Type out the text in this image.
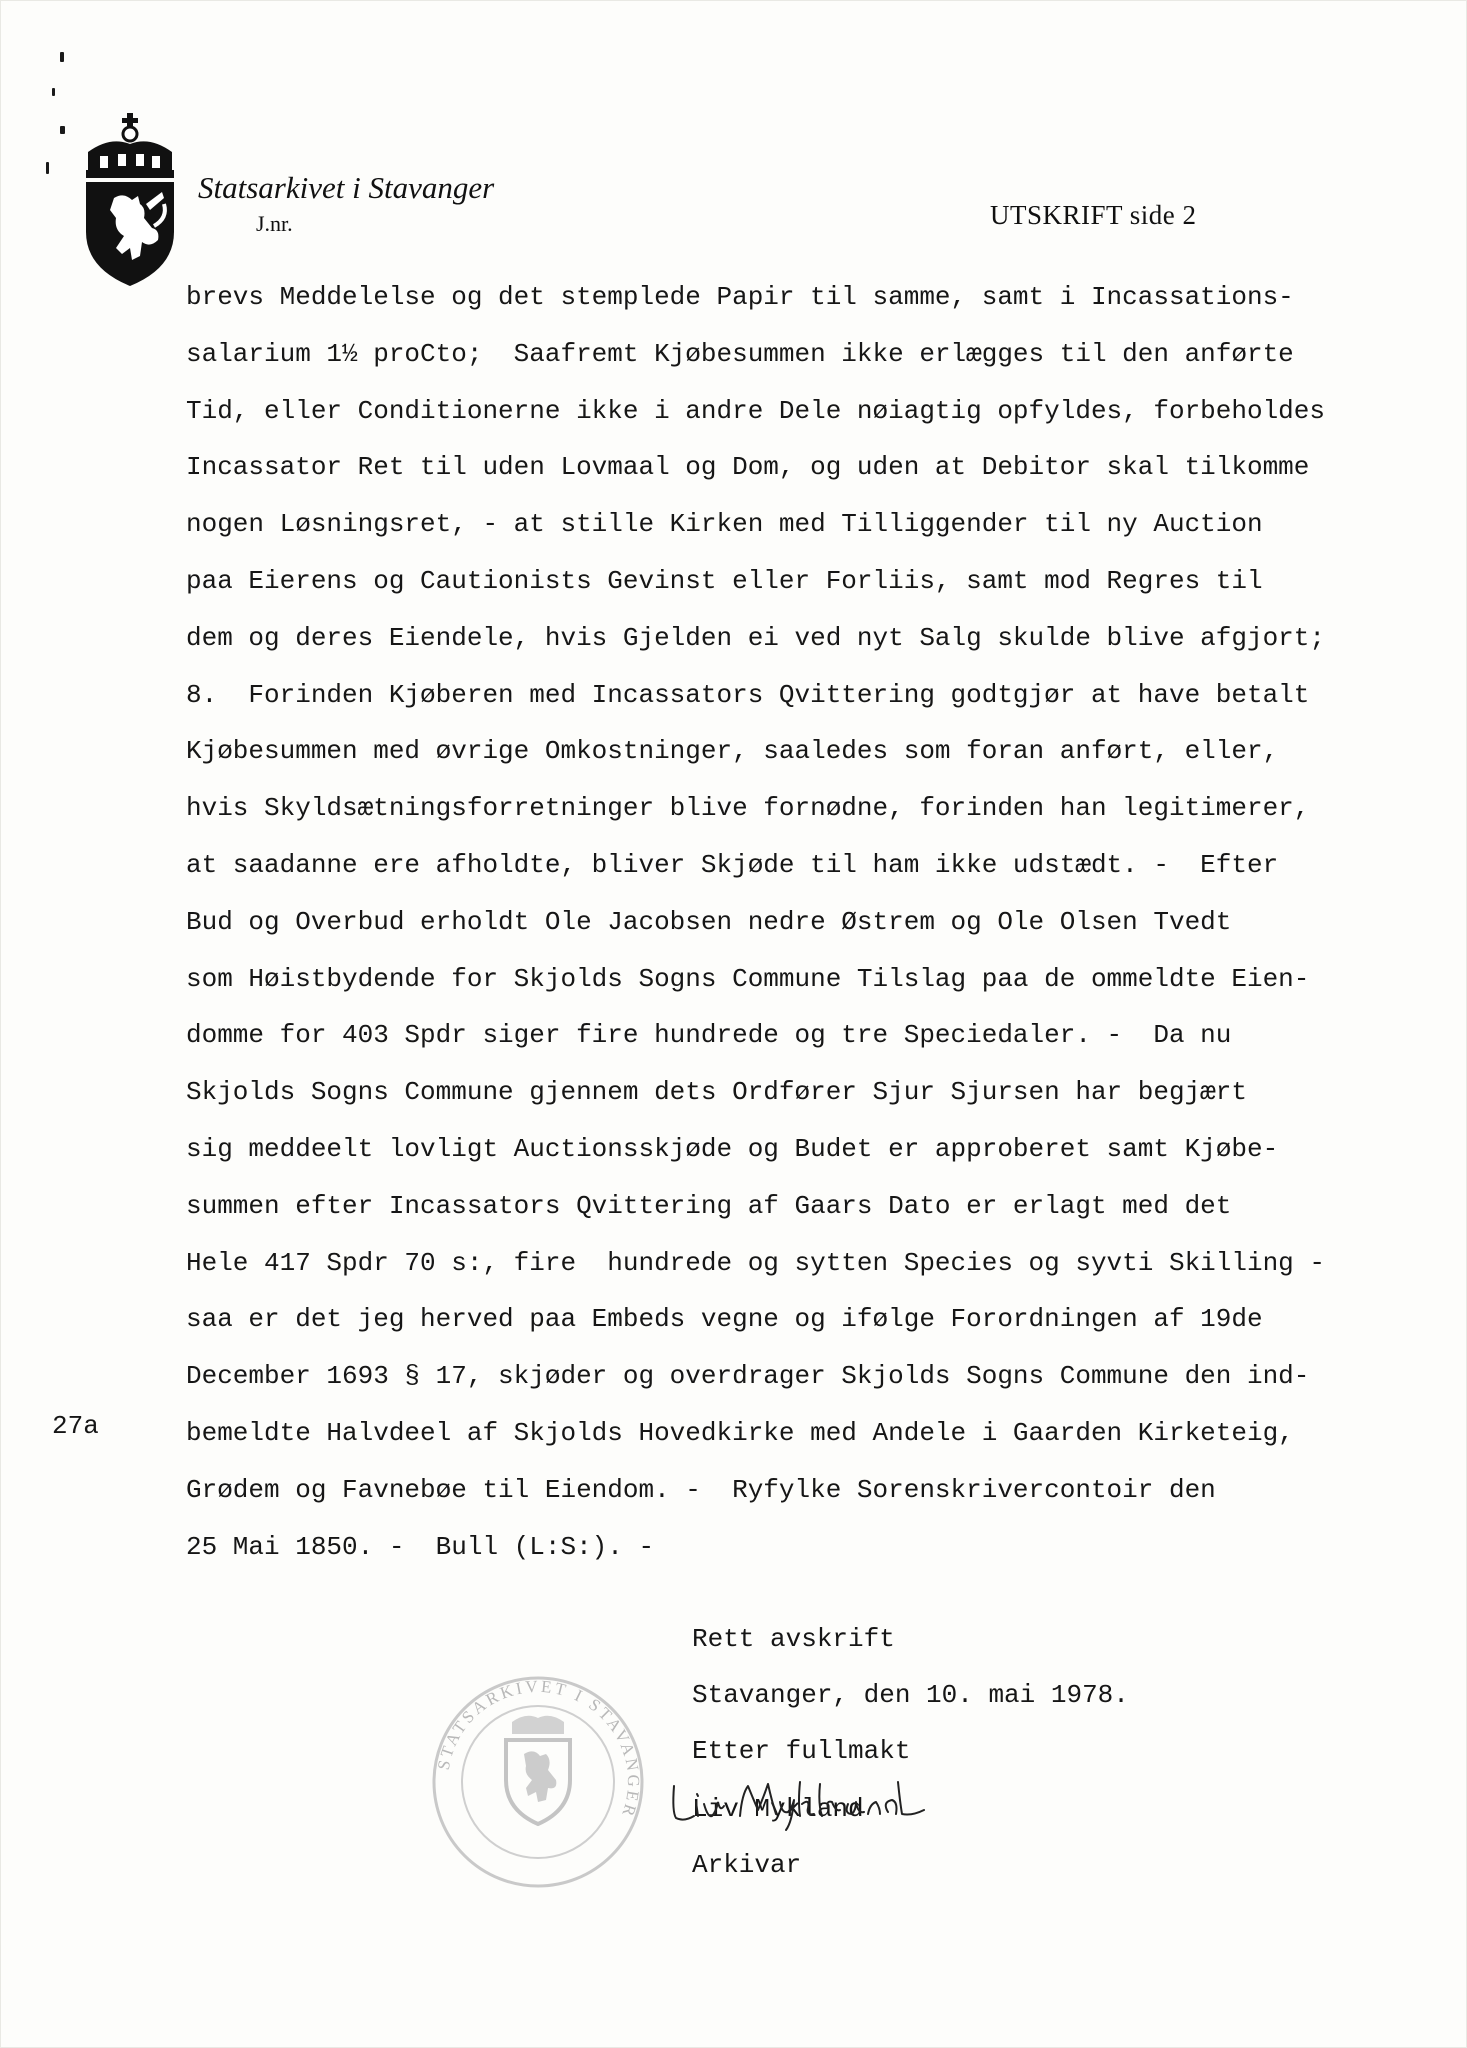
Statsarkivet i Stavanger
J.nr.	UTSKRIFT side 2
brevs Meddelelse og det stemplede Papir til samme, samt i Incassations-
salarium 1½ proCto;  Saafremt Kjøbesummen ikke erlægges til den anførte
Tid, eller Conditionerne ikke i andre Dele nøiagtig opfyldes, forbeholdes
Incassator Ret til uden Lovmaal og Dom, og uden at Debitor skal tilkomme
nogen Løsningsret, - at stille Kirken med Tilliggender til ny Auction
paa Eierens og Cautionists Gevinst eller Forliis, samt mod Regres til
dem og deres Eiendele, hvis Gjelden ei ved nyt Salg skulde blive afgjort;
8.  Forinden Kjøberen med Incassators Qvittering godtgjør at have betalt
Kjøbesummen med øvrige Omkostninger, saaledes som foran anført, eller,
hvis Skyldsætningsforretninger blive fornødne, forinden han legitimerer,
at saadanne ere afholdte, bliver Skjøde til ham ikke udstædt. -  Efter
Bud og Overbud erholdt Ole Jacobsen nedre Østrem og Ole Olsen Tvedt
som Høistbydende for Skjolds Sogns Commune Tilslag paa de ommeldte Eien-
domme for 403 Spdr siger fire hundrede og tre Speciedaler. -  Da nu
Skjolds Sogns Commune gjennem dets Ordfører Sjur Sjursen har begjært
sig meddeelt lovligt Auctionsskjøde og Budet er approberet samt Kjøbe-
summen efter Incassators Qvittering af Gaars Dato er erlagt med det
Hele 417 Spdr 70 s:, fire  hundrede og sytten Species og syvti Skilling -
saa er det jeg herved paa Embeds vegne og ifølge Forordningen af 19de
December 1693 § 17, skjøder og overdrager Skjolds Sogns Commune den ind-
bemeldte Halvdeel af Skjolds Hovedkirke med Andele i Gaarden Kirketeig,
Grødem og Favnebøe til Eiendom. -  Ryfylke Sorenskrivercontoir den
25 Mai 1850. -  Bull (L:S:). -
27a
STATSARKIVET I STAVANGER
Rett avskrift
Stavanger, den 10. mai 1978.
Etter fullmakt
Liv Mykland
Arkivar
